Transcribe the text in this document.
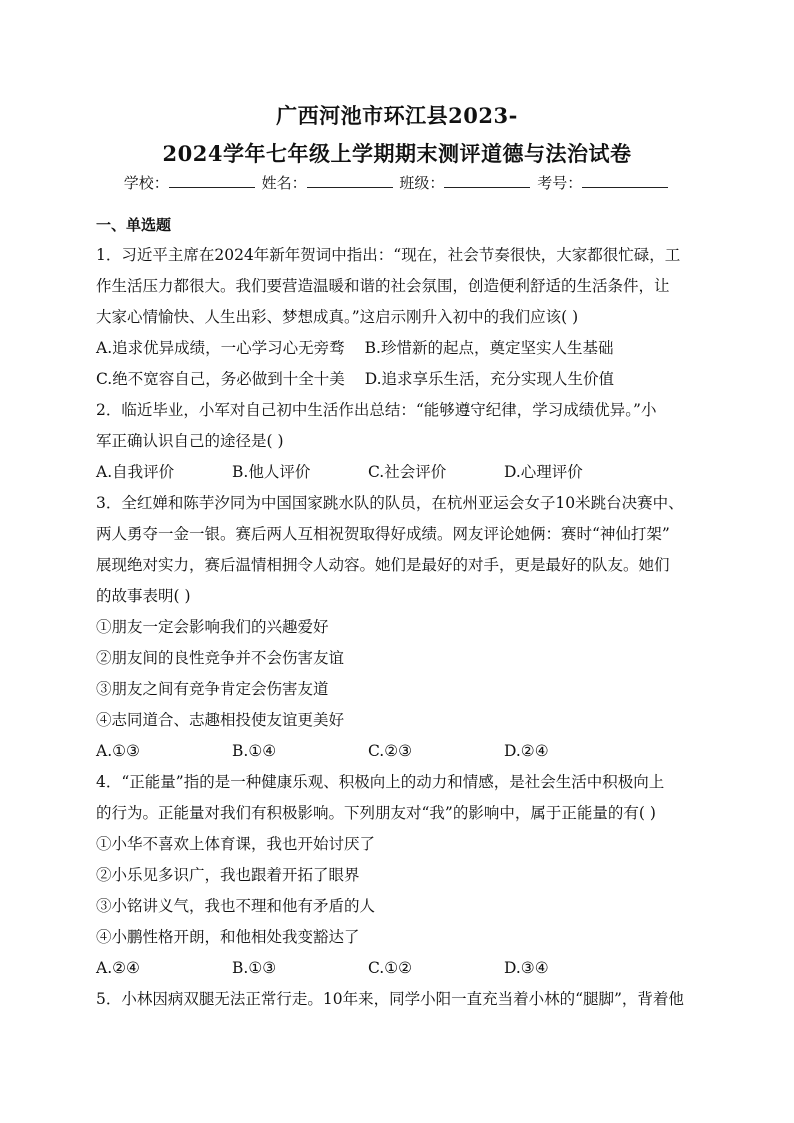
广西河池市环江县2023-
2024学年七年级上学期期末测评道德与法治试卷
学校：	姓名：	班级：	考号：
一、单选题
1．习近平主席在2024年新年贺词中指出：“现在，社会节奏很快，大家都很忙碌，工
作生活压力都很大。我们要营造温暖和谐的社会氛围，创造便利舒适的生活条件，让
大家心情愉快、人生出彩、梦想成真。”这启示刚升入初中的我们应该( )
A.追求优异成绩，一心学习心无旁骛 B.珍惜新的起点，奠定坚实人生基础
C.绝不宽容自己，务必做到十全十美 D.追求享乐生活，充分实现人生价值
2．临近毕业，小军对自己初中生活作出总结：“能够遵守纪律，学习成绩优异。”小
军正确认识自己的途径是( )
A.自我评价	B.他人评价	C.社会评价	D.心理评价
3．全红婵和陈芋汐同为中国国家跳水队的队员，在杭州亚运会女子10米跳台决赛中、
两人勇夺一金一银。赛后两人互相祝贺取得好成绩。网友评论她俩：赛时“神仙打架”
展现绝对实力，赛后温情相拥令人动容。她们是最好的对手，更是最好的队友。她们
的故事表明( )
①朋友一定会影响我们的兴趣爱好
②朋友间的良性竞争并不会伤害友谊
③朋友之间有竞争肯定会伤害友道
④志同道合、志趣相投使友谊更美好
A.①③	B.①④	C.②③	D.②④
4．“正能量”指的是一种健康乐观、积极向上的动力和情感，是社会生活中积极向上
的行为。正能量对我们有积极影响。下列朋友对“我”的影响中，属于正能量的有( )
①小华不喜欢上体育课，我也开始讨厌了
②小乐见多识广，我也跟着开拓了眼界
③小铭讲义气，我也不理和他有矛盾的人
④小鹏性格开朗，和他相处我变豁达了
A.②④	B.①③	C.①②	D.③④
5．小林因病双腿无法正常行走。10年来，同学小阳一直充当着小林的“腿脚”，背着他
